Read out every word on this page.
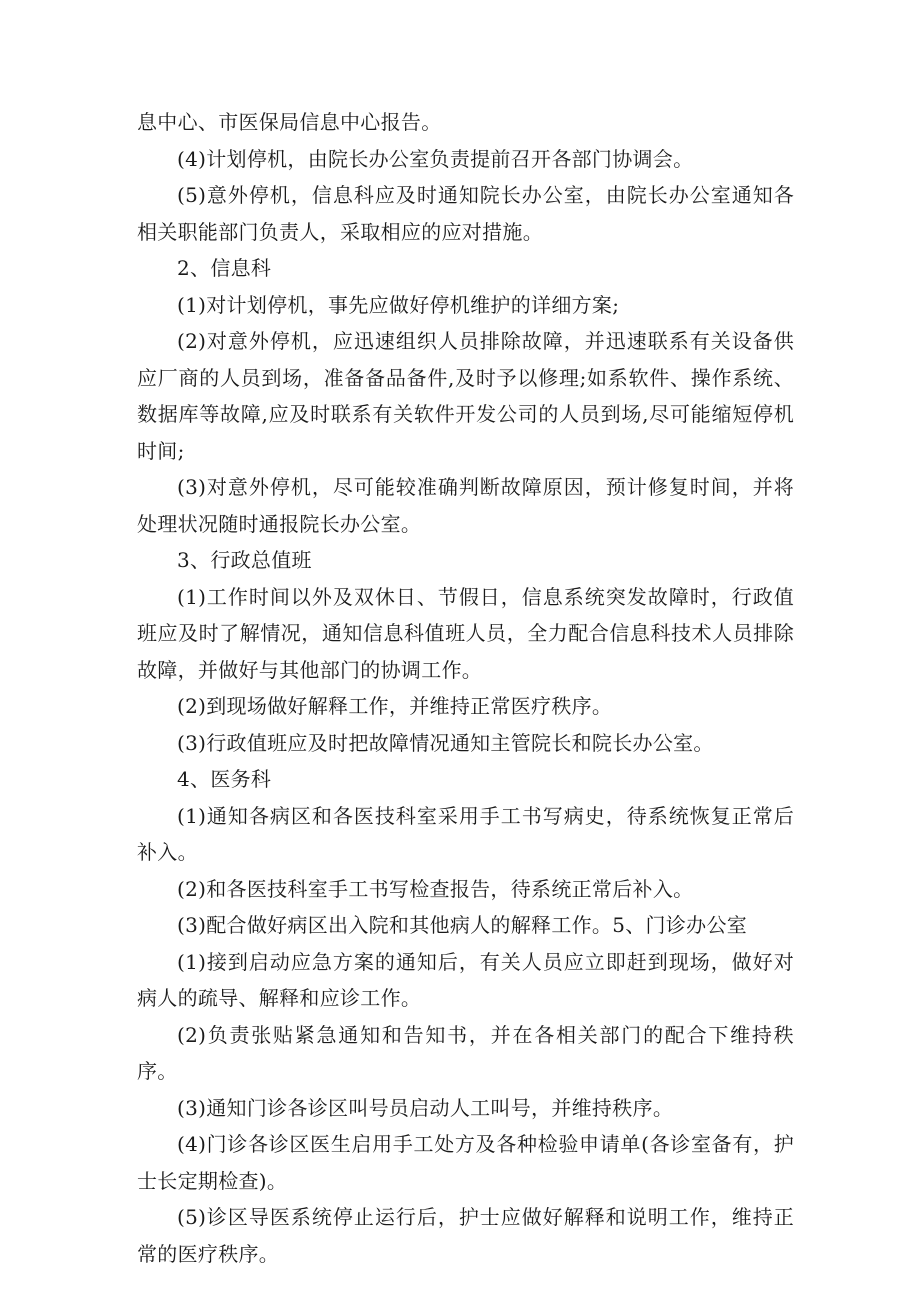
息中心、市医保局信息中心报告。

(4)计划停机，由院长办公室负责提前召开各部门协调会。

(5)意外停机，信息科应及时通知院长办公室，由院长办公室通知各相关职能部门负责人，采取相应的应对措施。

2、信息科

(1)对计划停机，事先应做好停机维护的详细方案;

(2)对意外停机，应迅速组织人员排除故障，并迅速联系有关设备供应厂商的人员到场，准备备品备件,及时予以修理;如系软件、操作系统、数据库等故障,应及时联系有关软件开发公司的人员到场,尽可能缩短停机时间;

(3)对意外停机，尽可能较准确判断故障原因，预计修复时间，并将处理状况随时通报院长办公室。

3、行政总值班

(1)工作时间以外及双休日、节假日，信息系统突发故障时，行政值班应及时了解情况，通知信息科值班人员，全力配合信息科技术人员排除故障，并做好与其他部门的协调工作。

(2)到现场做好解释工作，并维持正常医疗秩序。

(3)行政值班应及时把故障情况通知主管院长和院长办公室。

4、医务科

(1)通知各病区和各医技科室采用手工书写病史，待系统恢复正常后补入。

(2)和各医技科室手工书写检查报告，待系统正常后补入。

(3)配合做好病区出入院和其他病人的解释工作。5、门诊办公室

(1)接到启动应急方案的通知后，有关人员应立即赶到现场，做好对病人的疏导、解释和应诊工作。

(2)负责张贴紧急通知和告知书，并在各相关部门的配合下维持秩序。

(3)通知门诊各诊区叫号员启动人工叫号，并维持秩序。

(4)门诊各诊区医生启用手工处方及各种检验申请单(各诊室备有，护士长定期检查)。

(5)诊区导医系统停止运行后，护士应做好解释和说明工作，维持正常的医疗秩序。
